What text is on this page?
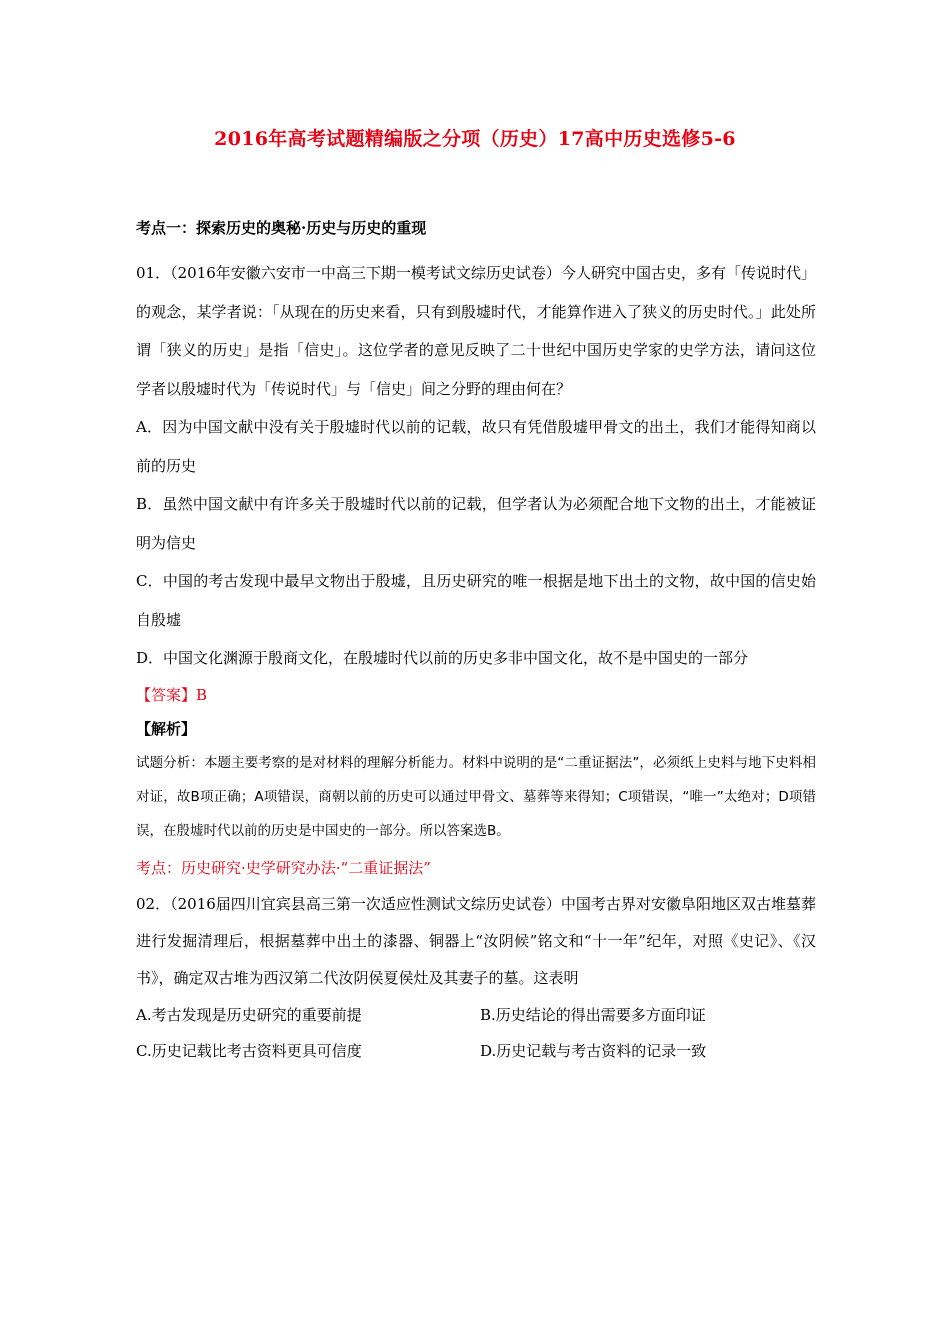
2016年高考试题精编版之分项（历史）17高中历史选修5-6
考点一：探索历史的奥秘·历史与历史的重现
01．（2016年安徽六安市一中高三下期一模考试文综历史试卷）今人研究中国古史，多有「传说时代」的观念，某学者说：「从现在的历史来看，只有到殷墟时代，才能算作进入了狭义的历史时代。」此处所谓「狭义的历史」是指「信史」。这位学者的意见反映了二十世纪中国历史学家的史学方法，请问这位学者以殷墟时代为「传说时代」与「信史」间之分野的理由何在？
A．因为中国文献中没有关于殷墟时代以前的记载，故只有凭借殷墟甲骨文的出土，我们才能得知商以前的历史
B．虽然中国文献中有许多关于殷墟时代以前的记载，但学者认为必须配合地下文物的出土，才能被证明为信史
C．中国的考古发现中最早文物出于殷墟，且历史研究的唯一根据是地下出土的文物，故中国的信史始自殷墟
D．中国文化渊源于殷商文化，在殷墟时代以前的历史多非中国文化，故不是中国史的一部分
【答案】B
【解析】
试题分析：本题主要考察的是对材料的理解分析能力。材料中说明的是“二重证据法”，必须纸上史料与地下史料相对证，故B项正确；A项错误，商朝以前的历史可以通过甲骨文、墓葬等来得知；C项错误，“唯一”太绝对；D项错误，在殷墟时代以前的历史是中国史的一部分。所以答案选B。
考点：历史研究·史学研究办法·“二重证据法”
02．（2016届四川宜宾县高三第一次适应性测试文综历史试卷）中国考古界对安徽阜阳地区双古堆墓葬进行发掘清理后，根据墓葬中出土的漆器、铜器上“汝阴候”铭文和“十一年”纪年，对照《史记》、《汉书》，确定双古堆为西汉第二代汝阴侯夏侯灶及其妻子的墓。这表明
A.考古发现是历史研究的重要前提	B.历史结论的得出需要多方面印证
C.历史记载比考古资料更具可信度	D.历史记载与考古资料的记录一致
